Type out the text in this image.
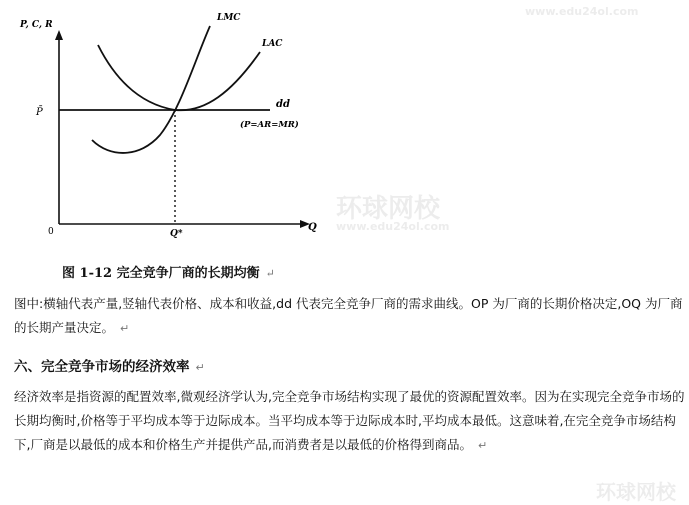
www.edu24ol.com
环球网校
www.edu24ol.com
环球网校
P, C, R
P̄
0	Q*
Q
LMC
LAC
dd
(P=AR=MR)
图 1-12 完全竞争厂商的长期均衡 ↵
图中:横轴代表产量,竖轴代表价格、成本和收益,dd 代表完全竞争厂商的需求曲线。OP 为厂商的长期价格决定,OQ 为厂商的长期产量决定。 ↵
六、完全竞争市场的经济效率 ↵
经济效率是指资源的配置效率,微观经济学认为,完全竞争市场结构实现了最优的资源配置效率。因为在实现完全竞争市场的长期均衡时,价格等于平均成本等于边际成本。当平均成本等于边际成本时,平均成本最低。这意味着,在完全竞争市场结构下,厂商是以最低的成本和价格生产并提供产品,而消费者是以最低的价格得到商品。 ↵
